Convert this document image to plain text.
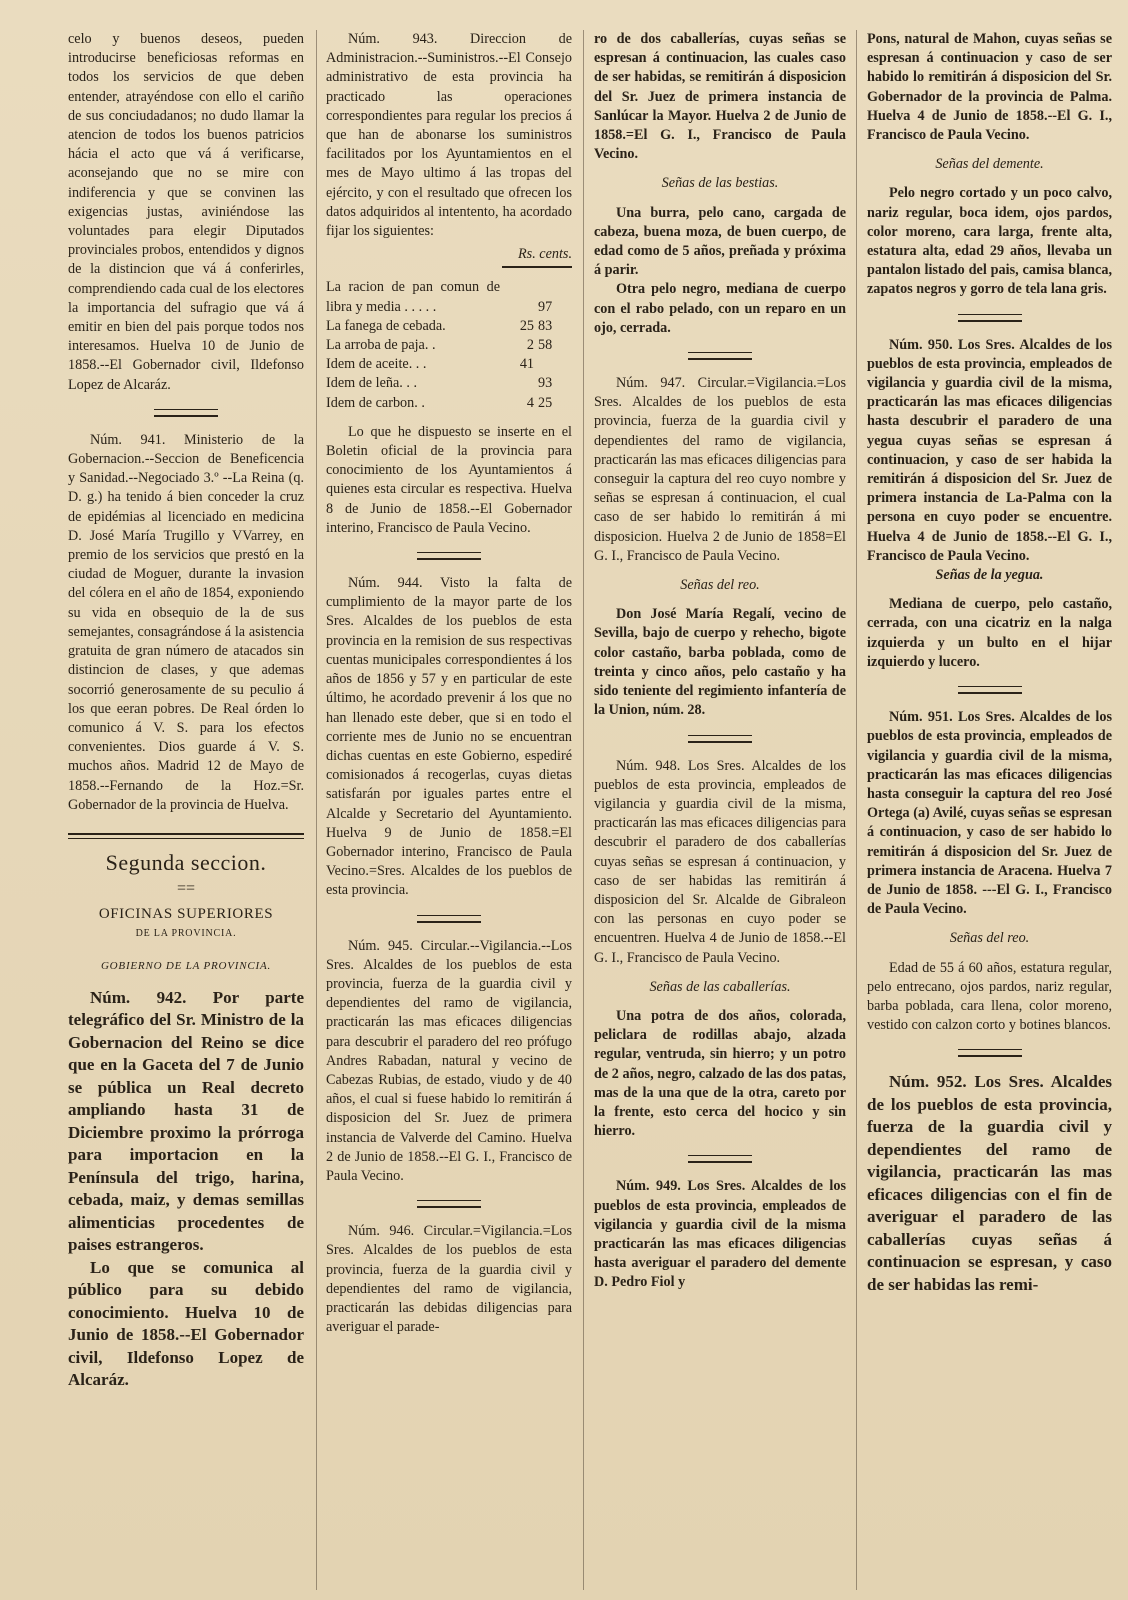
celo y buenos deseos, pueden introducirse beneficiosas reformas en todos los servicios de que deben entender, atrayéndose con ello el cariño de sus conciudadanos; no dudo llamar la atencion de todos los buenos patricios hácia el acto que vá á verificarse, aconsejando que no se mire con indiferencia y que se convinen las exigencias justas, aviniéndose las voluntades para elegir Diputados provinciales probos, entendidos y dignos de la distincion que vá á conferirles, comprendiendo cada cual de los electores la importancia del sufragio que vá á emitir en bien del pais porque todos nos interesamos. Huelva 10 de Junio de 1858.--El Gobernador civil, Ildefonso Lopez de Alcaráz.

Núm. 941. Ministerio de la Gobernacion.--Seccion de Beneficencia y Sanidad.--Negociado 3.º --La Reina (q. D. g.) ha tenido á bien conceder la cruz de epidémias al licenciado en medicina D. José María Trugillo y VVarrey, en premio de los servicios que prestó en la ciudad de Moguer, durante la invasion del cólera en el año de 1854, exponiendo su vida en obsequio de la de sus semejantes, consagrándose á la asistencia gratuita de gran número de atacados sin distincion de clases, y que ademas socorrió generosamente de su peculio á los que eeran pobres. De Real órden lo comunico á V. S. para los efectos convenientes. Dios guarde á V. S. muchos años. Madrid 12 de Mayo de 1858.--Fernando de la Hoz.=Sr. Gobernador de la provincia de Huelva.

Segunda seccion.
==
OFICINAS SUPERIORES
DE LA PROVINCIA.
GOBIERNO DE LA PROVINCIA.

Núm. 942. Por parte telegráfico del Sr. Ministro de la Gobernacion del Reino se dice que en la Gaceta del 7 de Junio se pública un Real decreto ampliando hasta 31 de Diciembre proximo la prórroga para importacion en la Península del trigo, harina, cebada, maiz, y demas semillas alimenticias procedentes de paises estrangeros.

Lo que se comunica al público para su debido conocimiento. Huelva 10 de Junio de 1858.--El Gobernador civil, Ildefonso Lopez de Alcaráz.

Núm. 943. Direccion de Administracion.--Suministros.--El Consejo administrativo de esta provincia ha practicado las operaciones correspondientes para regular los precios á que han de abonarse los suministros facilitados por los Ayuntamientos en el mes de Mayo ultimo á las tropas del ejército, y con el resultado que ofrecen los datos adquiridos al intentento, ha acordado fijar los siguientes:

Rs. cents.
La racion de pan comun de libra y media . . . . .		97
La fanega de cebada.	25	83
La arroba de paja. .	2	58
Idem de aceite. . .	41	
Idem de leña. . .		93
Idem de carbon. .	4	25

Lo que he dispuesto se inserte en el Boletin oficial de la provincia para conocimiento de los Ayuntamientos á quienes esta circular es respectiva. Huelva 8 de Junio de 1858.--El Gobernador interino, Francisco de Paula Vecino.

Núm. 944. Visto la falta de cumplimiento de la mayor parte de los Sres. Alcaldes de los pueblos de esta provincia en la remision de sus respectivas cuentas municipales correspondientes á los años de 1856 y 57 y en particular de este último, he acordado prevenir á los que no han llenado este deber, que si en todo el corriente mes de Junio no se encuentran dichas cuentas en este Gobierno, espediré comisionados á recogerlas, cuyas dietas satisfarán por iguales partes entre el Alcalde y Secretario del Ayuntamiento. Huelva 9 de Junio de 1858.=El Gobernador interino, Francisco de Paula Vecino.=Sres. Alcaldes de los pueblos de esta provincia.

Núm. 945. Circular.--Vigilancia.--Los Sres. Alcaldes de los pueblos de esta provincia, fuerza de la guardia civil y dependientes del ramo de vigilancia, practicarán las mas eficaces diligencias para descubrir el paradero del reo prófugo Andres Rabadan, natural y vecino de Cabezas Rubias, de estado, viudo y de 40 años, el cual si fuese habido lo remitirán á disposicion del Sr. Juez de primera instancia de Valverde del Camino. Huelva 2 de Junio de 1858.--El G. I., Francisco de Paula Vecino.

Núm. 946. Circular.=Vigilancia.=Los Sres. Alcaldes de los pueblos de esta provincia, fuerza de la guardia civil y dependientes del ramo de vigilancia, practicarán las debidas diligencias para averiguar el parade-

ro de dos caballerías, cuyas señas se espresan á continuacion, las cuales caso de ser habidas, se remitirán á disposicion del Sr. Juez de primera instancia de Sanlúcar la Mayor. Huelva 2 de Junio de 1858.=El G. I., Francisco de Paula Vecino.

Señas de las bestias.

Una burra, pelo cano, cargada de cabeza, buena moza, de buen cuerpo, de edad como de 5 años, preñada y próxima á parir.

Otra pelo negro, mediana de cuerpo con el rabo pelado, con un reparo en un ojo, cerrada.

Núm. 947. Circular.=Vigilancia.=Los Sres. Alcaldes de los pueblos de esta provincia, fuerza de la guardia civil y dependientes del ramo de vigilancia, practicarán las mas eficaces diligencias para conseguir la captura del reo cuyo nombre y señas se espresan á continuacion, el cual caso de ser habido lo remitirán á mi disposicion. Huelva 2 de Junio de 1858=El G. I., Francisco de Paula Vecino.

Señas del reo.

Don José María Regalí, vecino de Sevilla, bajo de cuerpo y rehecho, bigote color castaño, barba poblada, como de treinta y cinco años, pelo castaño y ha sido teniente del regimiento infantería de la Union, núm. 28.

Núm. 948. Los Sres. Alcaldes de los pueblos de esta provincia, empleados de vigilancia y guardia civil de la misma, practicarán las mas eficaces diligencias para descubrir el paradero de dos caballerías cuyas señas se espresan á continuacion, y caso de ser habidas las remitirán á disposicion del Sr. Alcalde de Gibraleon con las personas en cuyo poder se encuentren. Huelva 4 de Junio de 1858.--El G. I., Francisco de Paula Vecino.

Señas de las caballerías.

Una potra de dos años, colorada, peliclara de rodillas abajo, alzada regular, ventruda, sin hierro; y un potro de 2 años, negro, calzado de las dos patas, mas de la una que de la otra, careto por la frente, esto cerca del hocico y sin hierro.

Núm. 949. Los Sres. Alcaldes de los pueblos de esta provincia, empleados de vigilancia y guardia civil de la misma practicarán las mas eficaces diligencias hasta averiguar el paradero del demente D. Pedro Fiol y

Pons, natural de Mahon, cuyas señas se espresan á continuacion y caso de ser habido lo remitirán á disposicion del Sr. Gobernador de la provincia de Palma. Huelva 4 de Junio de 1858.--El G. I., Francisco de Paula Vecino.

Señas del demente.

Pelo negro cortado y un poco calvo, nariz regular, boca idem, ojos pardos, color moreno, cara larga, frente alta, estatura alta, edad 29 años, llevaba un pantalon listado del pais, camisa blanca, zapatos negros y gorro de tela lana gris.

Núm. 950. Los Sres. Alcaldes de los pueblos de esta provincia, empleados de vigilancia y guardia civil de la misma, practicarán las mas eficaces diligencias hasta descubrir el paradero de una yegua cuyas señas se espresan á continuacion, y caso de ser habida la remitirán á disposicion del Sr. Juez de primera instancia de La-Palma con la persona en cuyo poder se encuentre. Huelva 4 de Junio de 1858.--El G. I., Francisco de Paula Vecino.

Señas de la yegua.

Mediana de cuerpo, pelo castaño, cerrada, con una cicatriz en la nalga izquierda y un bulto en el hijar izquierdo y lucero.

Núm. 951. Los Sres. Alcaldes de los pueblos de esta provincia, empleados de vigilancia y guardia civil de la misma, practicarán las mas eficaces diligencias hasta conseguir la captura del reo José Ortega (a) Avilé, cuyas señas se espresan á continuacion, y caso de ser habido lo remitirán á disposicion del Sr. Juez de primera instancia de Aracena. Huelva 7 de Junio de 1858. ---El G. I., Francisco de Paula Vecino.

Señas del reo.

Edad de 55 á 60 años, estatura regular, pelo entrecano, ojos pardos, nariz regular, barba poblada, cara llena, color moreno, vestido con calzon corto y botines blancos.

Núm. 952. Los Sres. Alcaldes de los pueblos de esta provincia, fuerza de la guardia civil y dependientes del ramo de vigilancia, practicarán las mas eficaces diligencias con el fin de averiguar el paradero de las caballerías cuyas señas á continuacion se espresan, y caso de ser habidas las remi-
